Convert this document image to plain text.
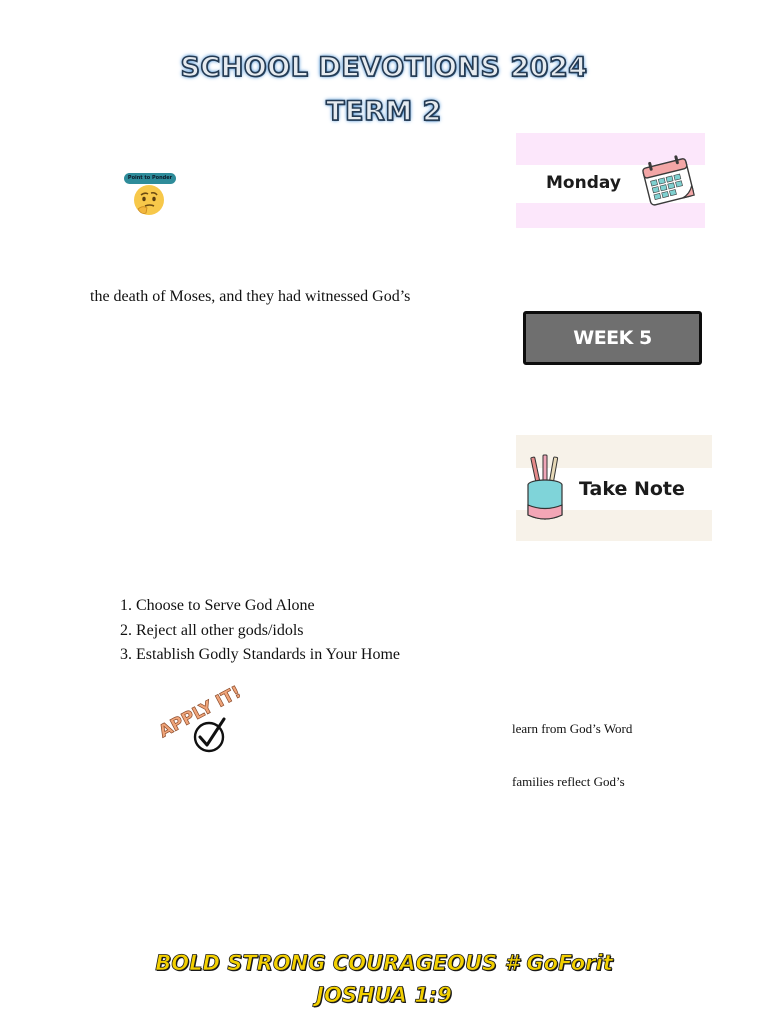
SCHOOL DEVOTIONS 2024
TERM 2
Point to Ponder	Monday
the death of Moses, and they had witnessed God’s
WEEK 5
Take Note
1. Choose to Serve God Alone
2. Reject all other gods/idols
3. Establish Godly Standards in Your Home
APPLY IT!	learn from God’s Word
families reflect God’s
BOLD STRONG COURAGEOUS # GoForit
JOSHUA 1:9
